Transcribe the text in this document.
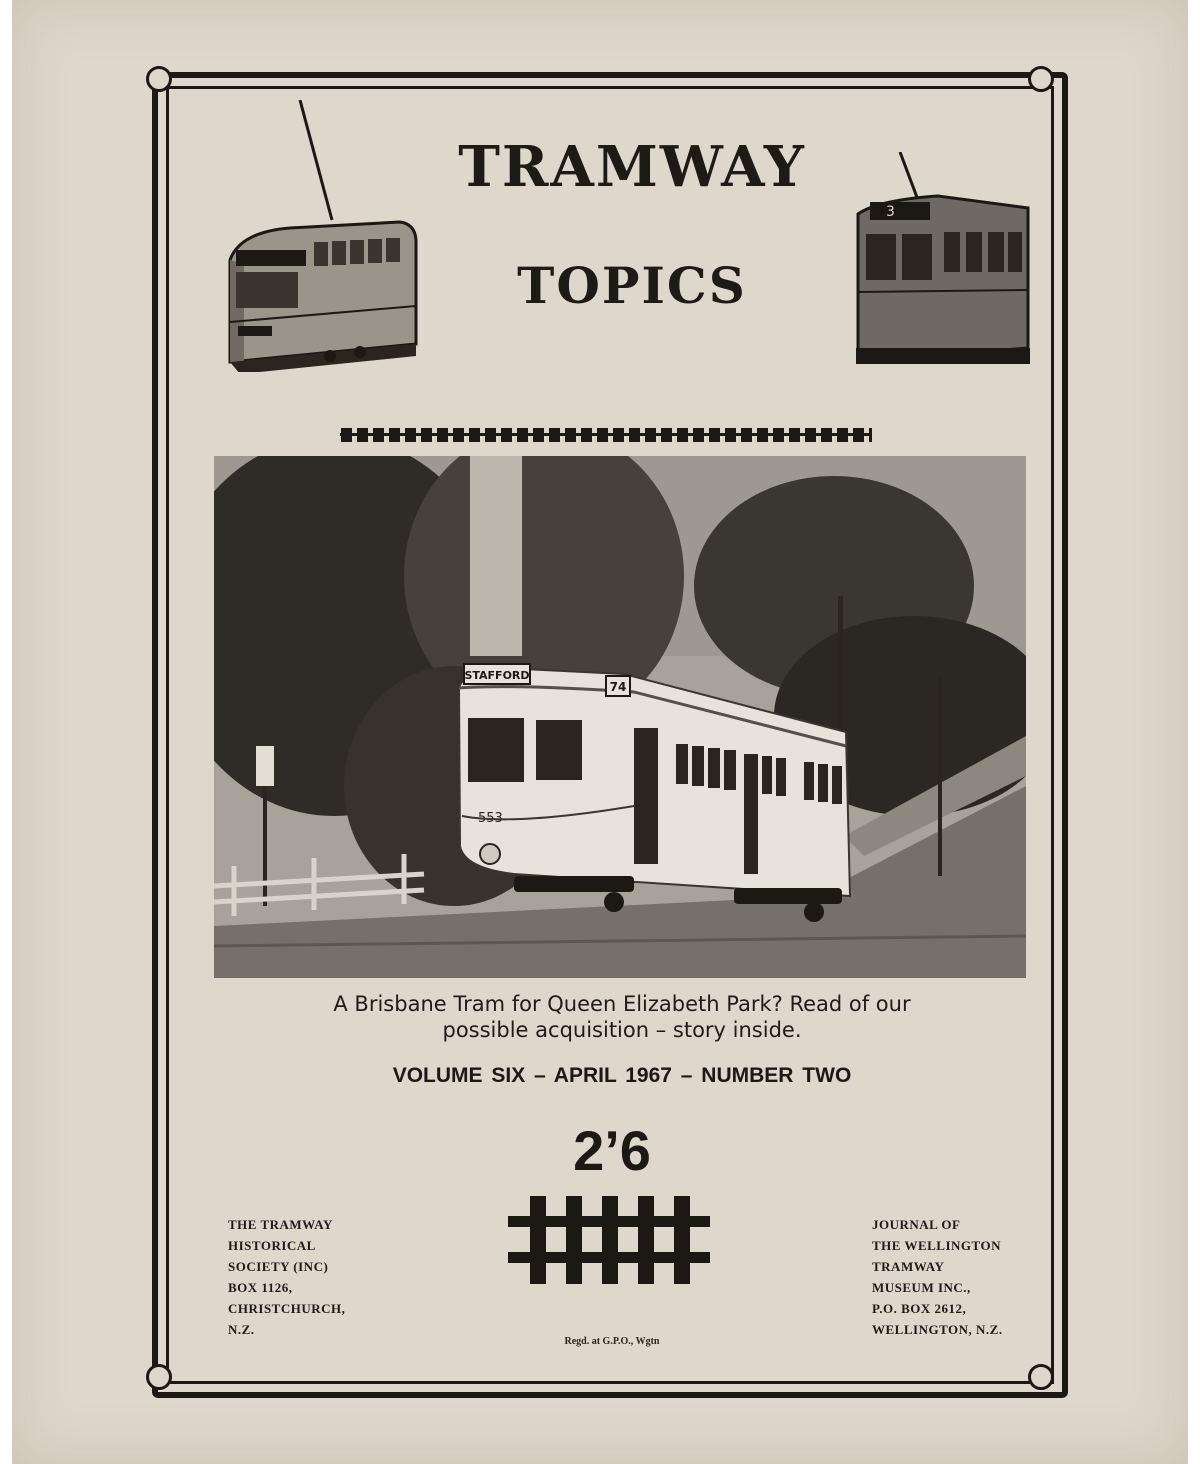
TRAMWAY
TOPICS
3
STAFFORD
74
553
A Brisbane Tram for Queen Elizabeth Park? Read of our
possible acquisition – story inside.
VOLUME SIX – APRIL 1967 – NUMBER TWO
2’6
THE TRAMWAY
HISTORICAL
SOCIETY (INC)
BOX 1126,
CHRISTCHURCH,
N.Z.
JOURNAL OF
THE WELLINGTON
TRAMWAY
MUSEUM INC.,
P.O. BOX 2612,
WELLINGTON, N.Z.
Regd. at G.P.O., Wgtn
